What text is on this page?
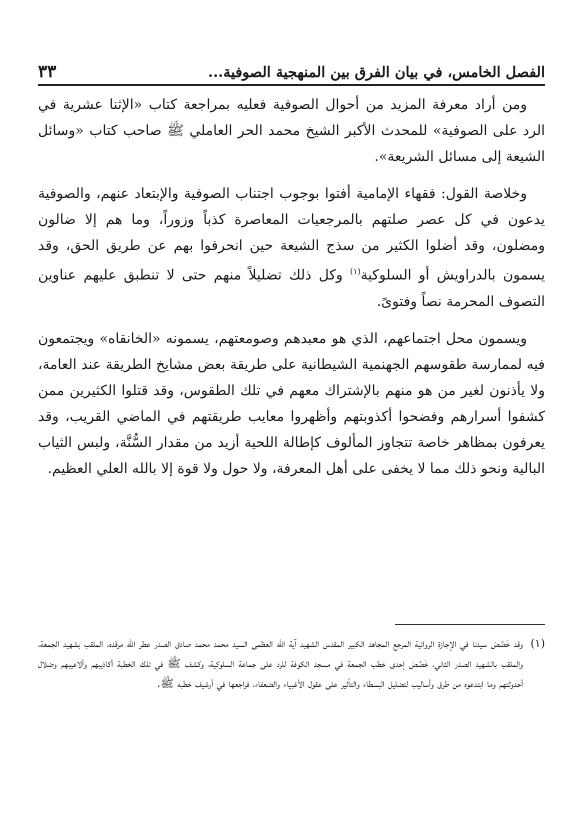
الفصل الخامس، في بيان الفرق بين المنهجية الصوفية...
٣٣

ومن أراد معرفة المزيد من أحوال الصوفية فعليه بمراجعة كتاب «الإثنا عشرية في الرد على الصوفية» للمحدث الأكبر الشيخ محمد الحر العاملي ﷺ صاحب كتاب «وسائل الشيعة إلى مسائل الشريعة».

وخلاصة القول: فقهاء الإمامية أفتوا بوجوب اجتناب الصوفية والإبتعاد عنهم، والصوفية يدعون في كل عصر صلتهم بالمرجعيات المعاصرة كذباً وزوراً، وما هم إلا ضالون ومضلون، وقد أضلوا الكثير من سذج الشيعة حين انحرفوا بهم عن طريق الحق، وقد يسمون بالدراويش أو السلوكية$^{(١)}$ وكل ذلك تضليلاً منهم حتى لا تنطبق عليهم عناوين التصوف المحرمة نصاً وفتوىً.

ويسمون محل اجتماعهم، الذي هو معبدهم وصومعتهم، يسمونه «الخانقاه» ويجتمعون فيه لممارسة طقوسهم الجهنمية الشيطانية على طريقة بعض مشايخ الطريقة عند العامة، ولا يأذنون لغير من هو منهم بالإشتراك معهم في تلك الطقوس، وقد قتلوا الكثيرين ممن كشفوا أسرارهم وفضحوا أكذوبتهم وأظهروا معايب طريقتهم في الماضي القريب، وقد يعرفون بمظاهر خاصة تتجاوز المألوف كإطالة اللحية أزيد من مقدار السُّنَّة، ولبس الثياب البالية ونحو ذلك مما لا يخفى على أهل المعرفة، ولا حول ولا قوة إلا بالله العلي العظيم.

(١)
وقد خَصَّصَ سيدنا في الإجازة الروائية المرجع المجاهد الكبير المقدس الشهيد آية الله العظمى السيد محمد محمد صادق الصدر عطر الله مرقده، الملقب بشهيد الجمعة، والملقب بالشهيد الصدر الثاني، خَصَّصَ إحدى خطب الجمعة في مسجد الكوفة للرد على جماعة السلوكية، وكشف ﷺ في تلك الخطبة أكاذيبهم وألاعيبهم وضلال أحدوثتهم وما ابتدعوه من طرق وأساليب لتضليل البسطاء والتأثير على عقول الأغبياء والضعفاء، فراجعها في أرشيف خطبه ﷺ.
